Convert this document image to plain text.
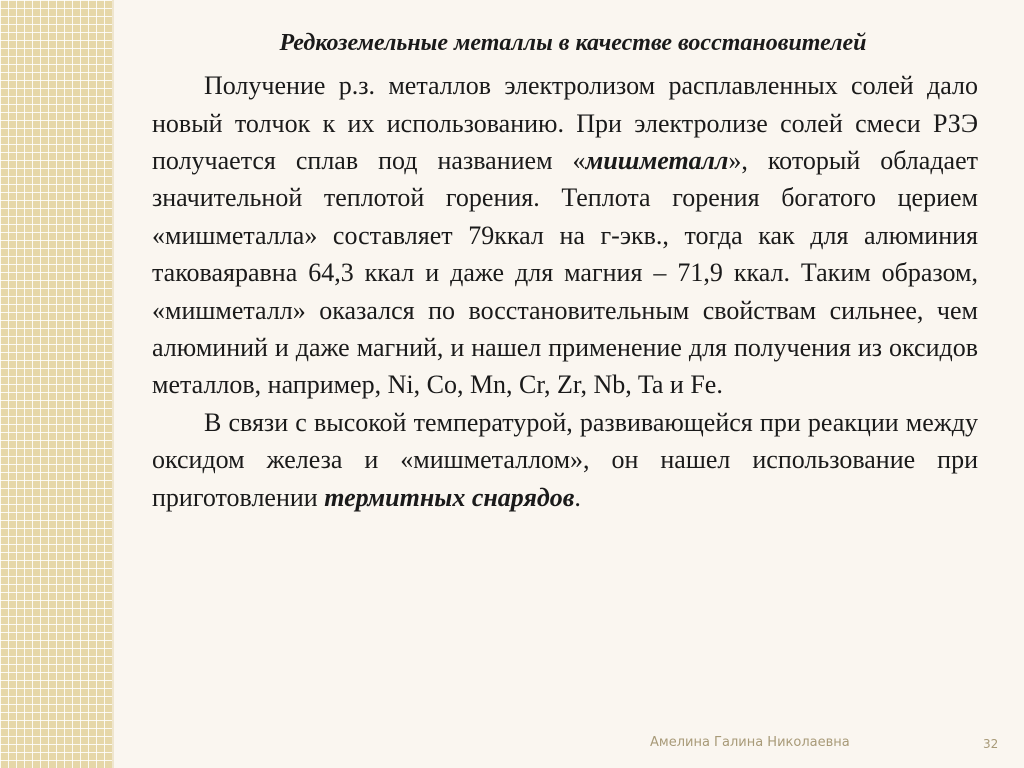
Редкоземельные металлы в качестве восстановителей

Получение р.з. металлов электролизом расплавленных солей дало новый толчок к их использованию. При электролизе солей смеси РЗЭ получается сплав под названием «мишметалл», который обладает значительной теплотой горения. Теплота горения богатого церием «мишметалла» составляет 79ккал на г-экв., тогда как для алюминия таковаяравна 64,3 ккал и даже для магния – 71,9 ккал. Таким образом, «мишметалл» оказался по восстановительным свойствам сильнее, чем алюминий и даже магний, и нашел применение для получения из оксидов металлов, например, Ni, Co, Mn, Cr, Zr, Nb, Ta и Fe.

В связи с высокой температурой, развивающейся при реакции между оксидом железа и «мишметаллом», он нашел использование при приготовлении термитных снарядов.

Амелина Галина Николаевна	32
